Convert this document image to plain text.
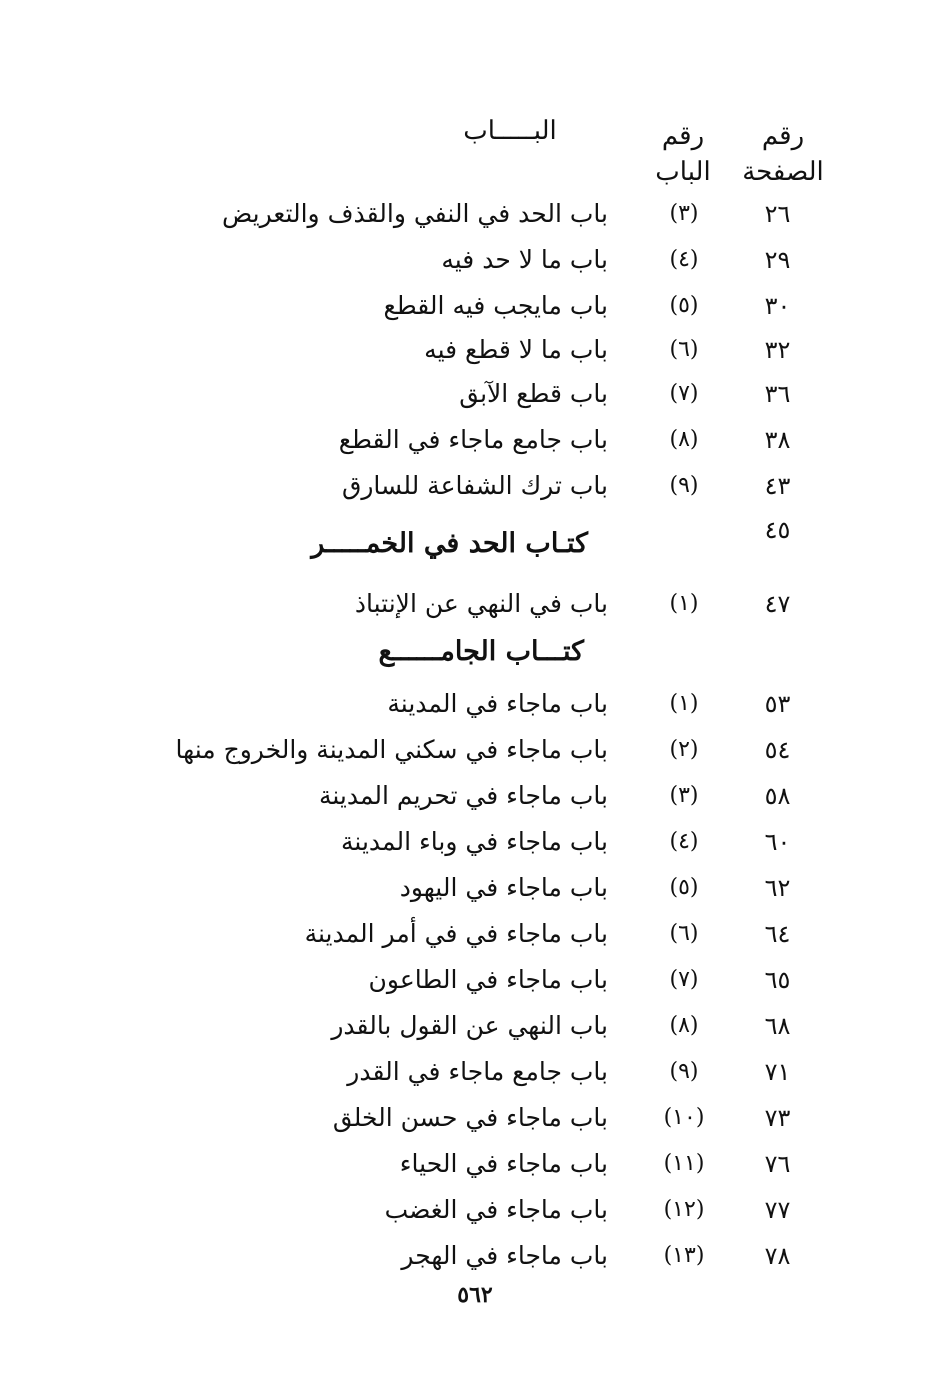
رقم الصفحة
رقم الباب
البـــــاب
٢٦
(٣)
باب الحد في النفي والقذف والتعريض
٢٩
(٤)
باب ما لا حد فيه
٣٠
(٥)
باب مايجب فيه القطع
٣٢
(٦)
باب ما لا قطع فيه
٣٦
(٧)
باب قطع الآبق
٣٨
(٨)
باب جامع ماجاء في القطع
٤٣
(٩)
باب ترك الشفاعة للسارق
٤٥
كتـاب الحد في الخمـــــر
٤٧
(١)
باب في النهي عن الإنتباذ
كتـــاب الجامــــــع
٥٣
(١)
باب ماجاء في المدينة
٥٤
(٢)
باب ماجاء في سكني المدينة والخروج منها
٥٨
(٣)
باب ماجاء في تحريم المدينة
٦٠
(٤)
باب ماجاء في وباء المدينة
٦٢
(٥)
باب ماجاء في اليهود
٦٤
(٦)
باب ماجاء في في أمر المدينة
٦٥
(٧)
باب ماجاء في الطاعون
٦٨
(٨)
باب النهي عن القول بالقدر
٧١
(٩)
باب جامع ماجاء في القدر
٧٣
(١٠)
باب ماجاء في حسن الخلق
٧٦
(١١)
باب ماجاء في الحياء
٧٧
(١٢)
باب ماجاء في الغضب
٧٨
(١٣)
باب ماجاء في الهجر
٥٦٢
